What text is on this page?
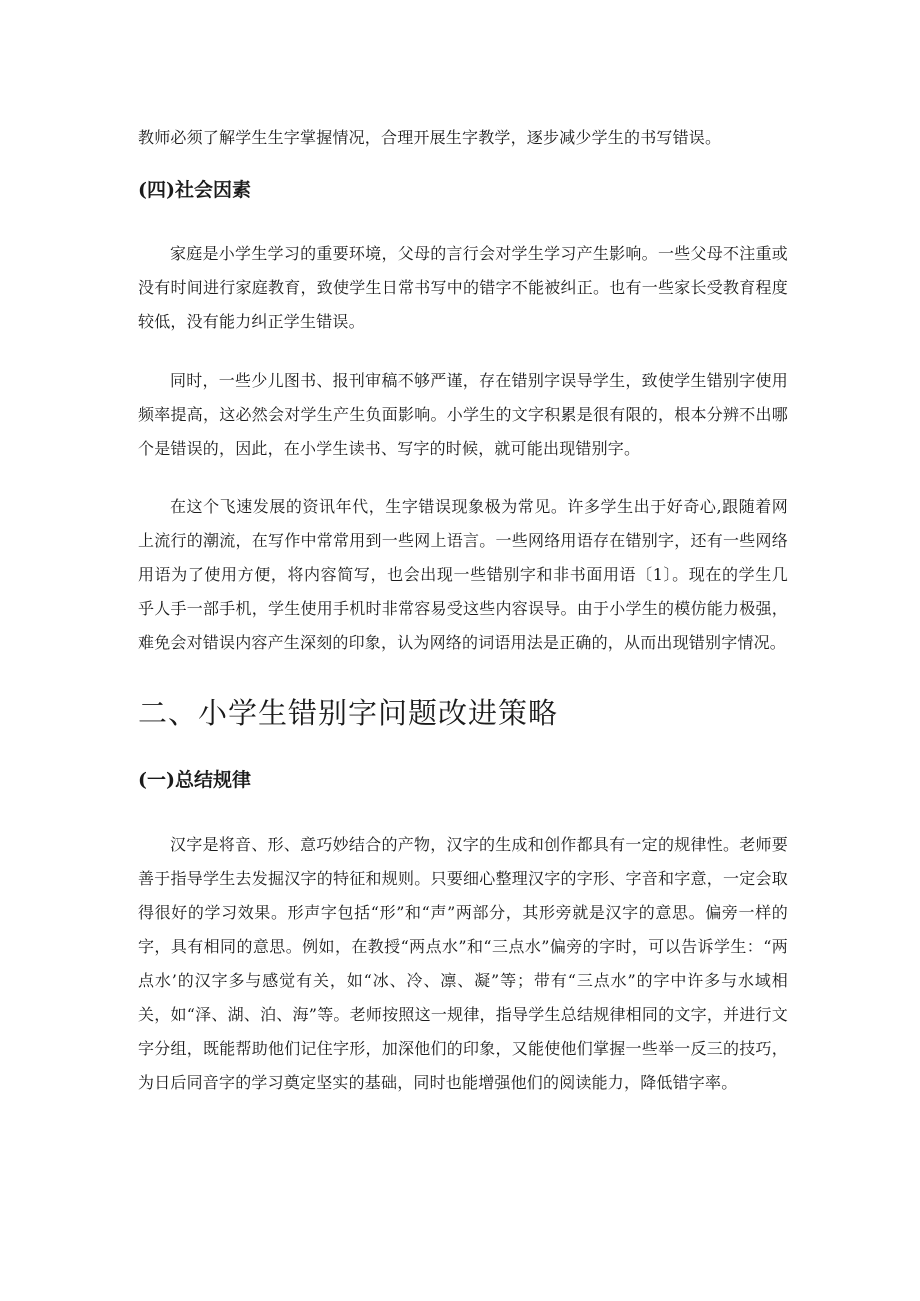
教师必须了解学生生字掌握情况，合理开展生字教学，逐步减少学生的书写错误。

(四)社会因素

家庭是小学生学习的重要环境，父母的言行会对学生学习产生影响。一些父母不注重或没有时间进行家庭教育，致使学生日常书写中的错字不能被纠正。也有一些家长受教育程度较低，没有能力纠正学生错误。

同时，一些少儿图书、报刊审稿不够严谨，存在错别字误导学生，致使学生错别字使用频率提高，这必然会对学生产生负面影响。小学生的文字积累是很有限的，根本分辨不出哪个是错误的，因此，在小学生读书、写字的时候，就可能出现错别字。

在这个飞速发展的资讯年代，生字错误现象极为常见。许多学生出于好奇心,跟随着网上流行的潮流，在写作中常常用到一些网上语言。一些网络用语存在错别字，还有一些网络用语为了使用方便，将内容简写，也会出现一些错别字和非书面用语〔1〕。现在的学生几乎人手一部手机，学生使用手机时非常容易受这些内容误导。由于小学生的模仿能力极强，难免会对错误内容产生深刻的印象，认为网络的词语用法是正确的，从而出现错别字情况。

二、小学生错别字问题改进策略
(一)总结规律

汉字是将音、形、意巧妙结合的产物，汉字的生成和创作都具有一定的规律性。老师要善于指导学生去发掘汉字的特征和规则。只要细心整理汉字的字形、字音和字意，一定会取得很好的学习效果。形声字包括“形”和“声”两部分，其形旁就是汉字的意思。偏旁一样的字，具有相同的意思。例如，在教授“两点水”和“三点水”偏旁的字时，可以告诉学生：“两点水’的汉字多与感觉有关，如“冰、冷、凛、凝”等；带有“三点水”的字中许多与水域相关，如“泽、湖、泊、海”等。老师按照这一规律，指导学生总结规律相同的文字，并进行文字分组，既能帮助他们记住字形，加深他们的印象，又能使他们掌握一些举一反三的技巧，为日后同音字的学习奠定坚实的基础，同时也能增强他们的阅读能力，降低错字率。
